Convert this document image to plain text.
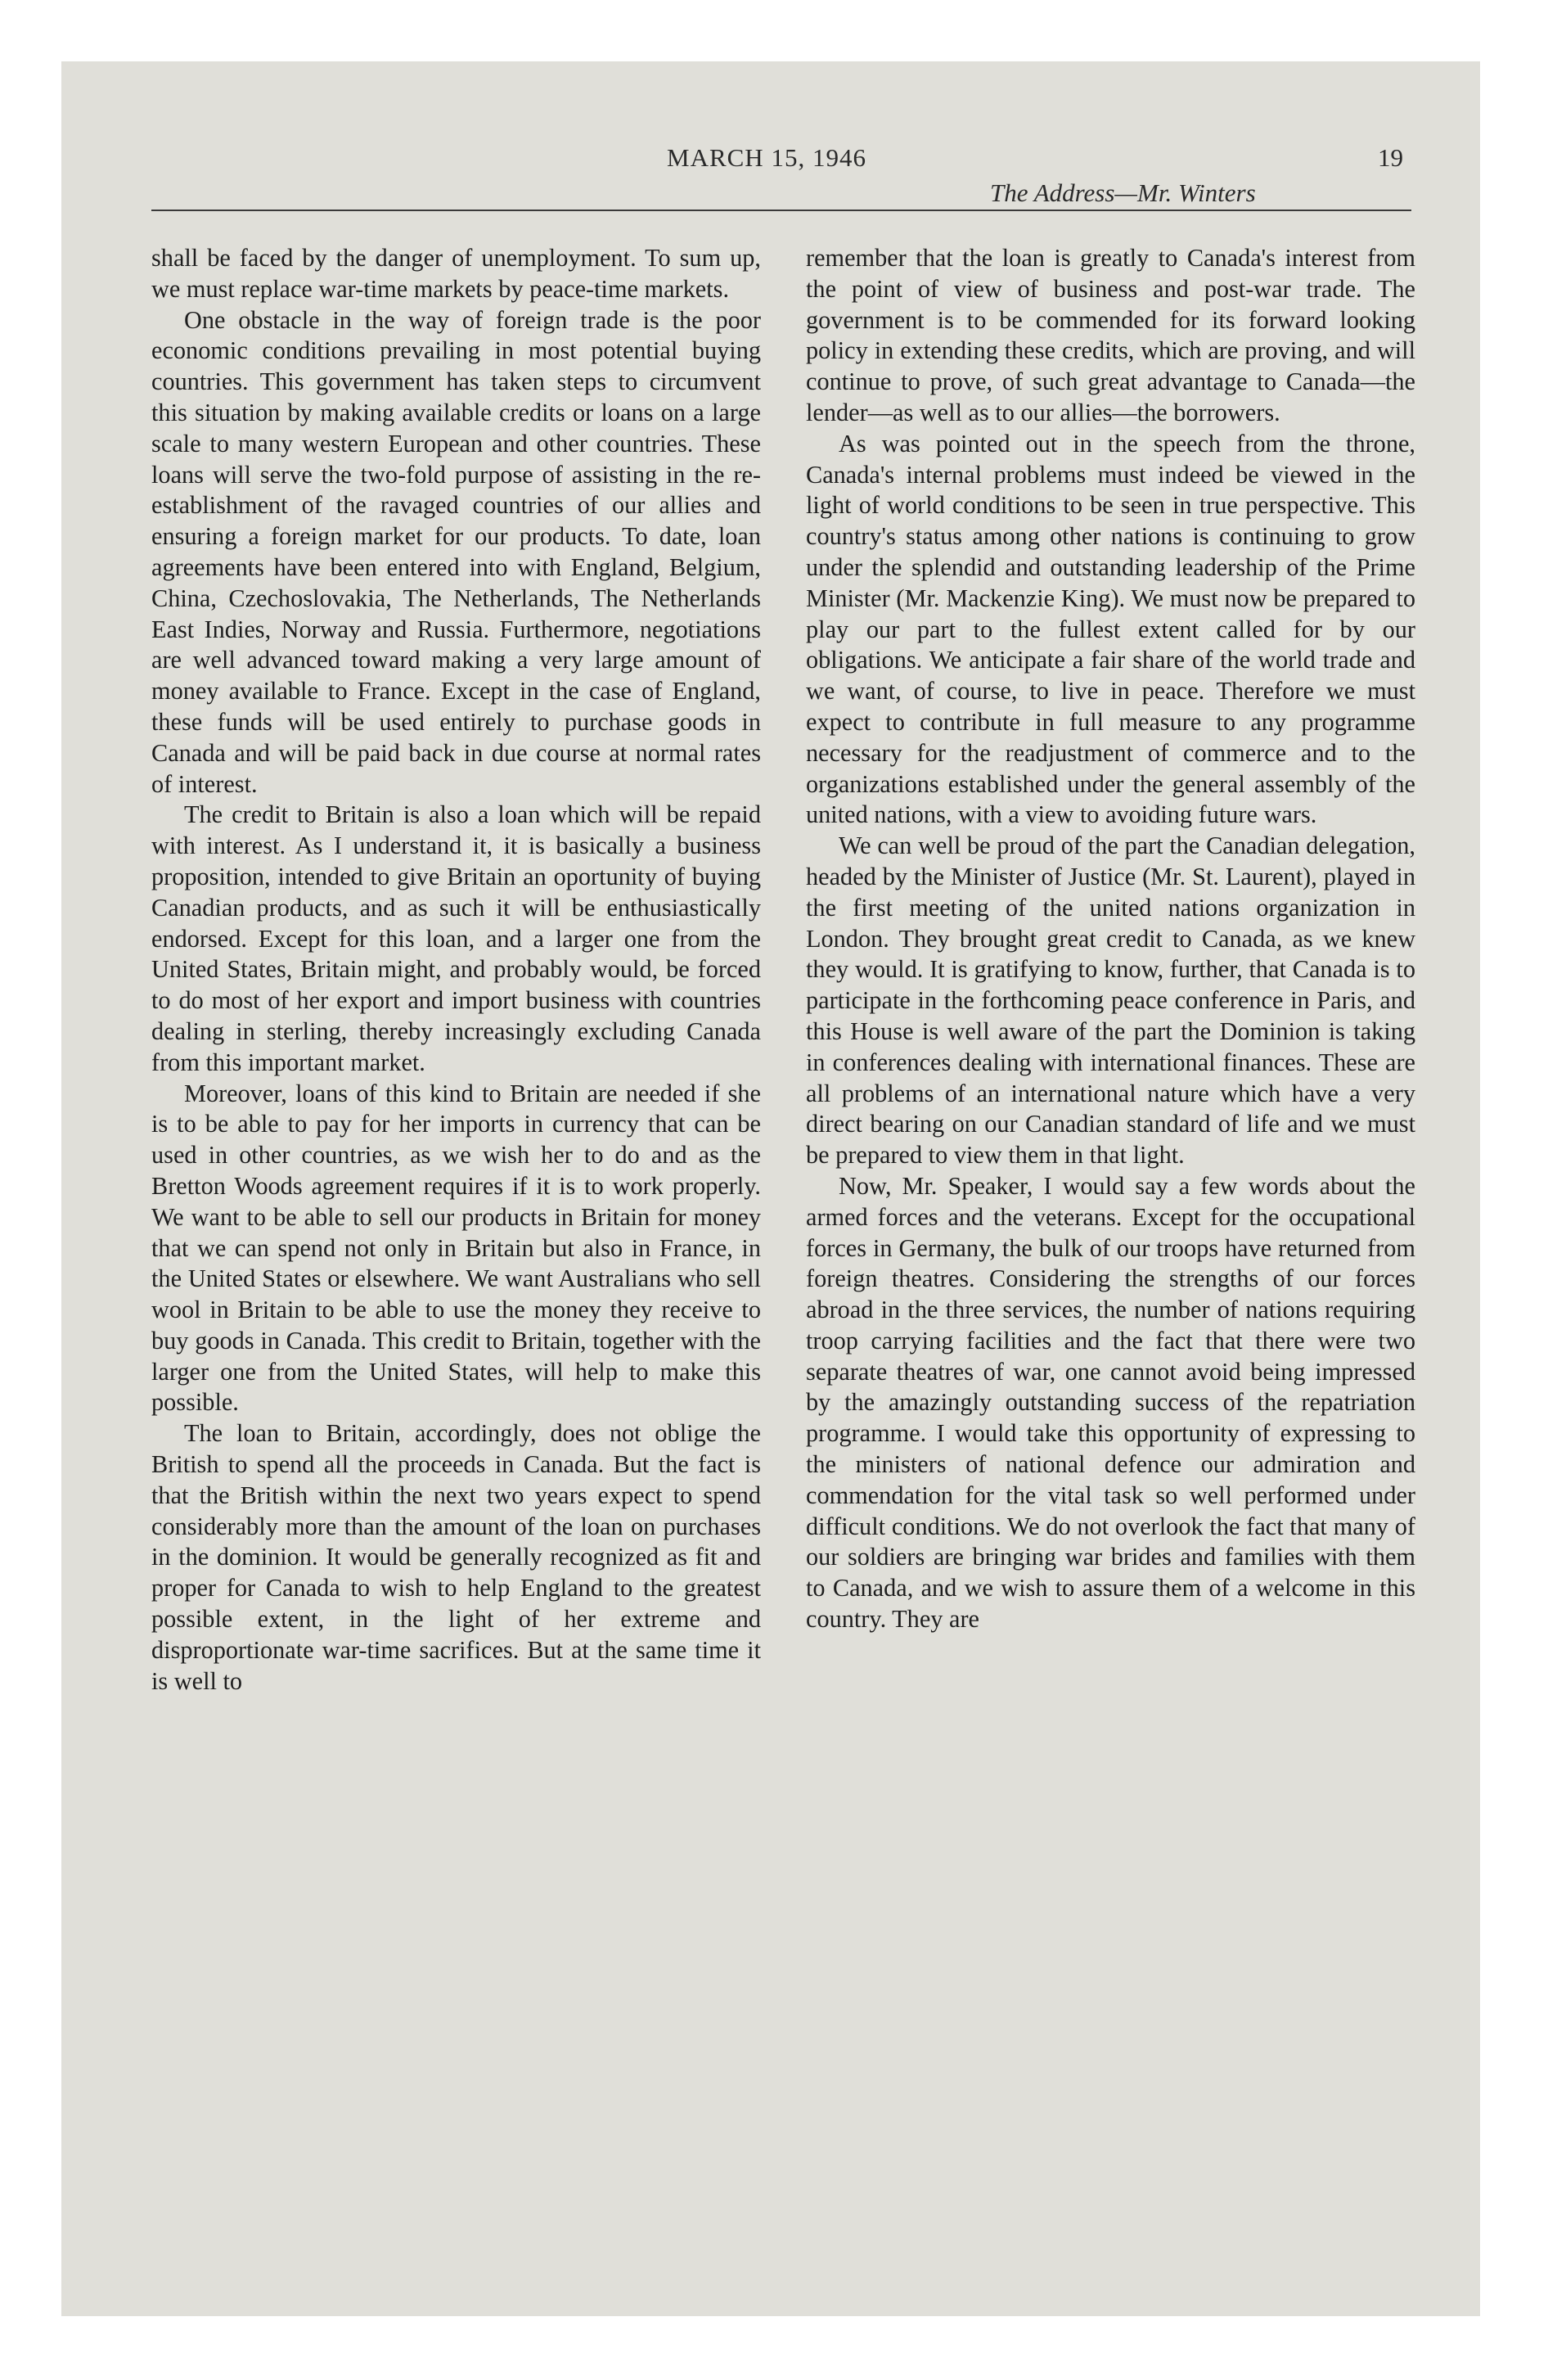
MARCH 15, 1946	19
The Address—Mr. Winters

shall be faced by the danger of unemployment. To sum up, we must replace war-time markets by peace-time markets.

One obstacle in the way of foreign trade is the poor economic conditions prevailing in most potential buying countries. This government has taken steps to circumvent this situation by making available credits or loans on a large scale to many western European and other countries. These loans will serve the two-fold purpose of assisting in the reestablishment of the ravaged countries of our allies and ensuring a foreign market for our products. To date, loan agreements have been entered into with England, Belgium, China, Czechoslovakia, The Netherlands, The Netherlands East Indies, Norway and Russia. Furthermore, negotiations are well advanced toward making a very large amount of money available to France. Except in the case of England, these funds will be used entirely to purchase goods in Canada and will be paid back in due course at normal rates of interest.

The credit to Britain is also a loan which will be repaid with interest. As I understand it, it is basically a business proposition, intended to give Britain an oportunity of buying Canadian products, and as such it will be enthusiastically endorsed. Except for this loan, and a larger one from the United States, Britain might, and probably would, be forced to do most of her export and import business with countries dealing in sterling, thereby increasingly excluding Canada from this important market.

Moreover, loans of this kind to Britain are needed if she is to be able to pay for her imports in currency that can be used in other countries, as we wish her to do and as the Bretton Woods agreement requires if it is to work properly. We want to be able to sell our products in Britain for money that we can spend not only in Britain but also in France, in the United States or elsewhere. We want Australians who sell wool in Britain to be able to use the money they receive to buy goods in Canada. This credit to Britain, together with the larger one from the United States, will help to make this possible.

The loan to Britain, accordingly, does not oblige the British to spend all the proceeds in Canada. But the fact is that the British within the next two years expect to spend considerably more than the amount of the loan on purchases in the dominion. It would be generally recognized as fit and proper for Canada to wish to help England to the greatest possible extent, in the light of her extreme and disproportionate war-time sacrifices. But at the same time it is well to

remember that the loan is greatly to Canada's interest from the point of view of business and post-war trade. The government is to be commended for its forward looking policy in extending these credits, which are proving, and will continue to prove, of such great advantage to Canada—the lender—as well as to our allies—the borrowers.

As was pointed out in the speech from the throne, Canada's internal problems must indeed be viewed in the light of world conditions to be seen in true perspective. This country's status among other nations is continuing to grow under the splendid and outstanding leadership of the Prime Minister (Mr. Mackenzie King). We must now be prepared to play our part to the fullest extent called for by our obligations. We anticipate a fair share of the world trade and we want, of course, to live in peace. Therefore we must expect to contribute in full measure to any programme necessary for the readjustment of commerce and to the organizations established under the general assembly of the united nations, with a view to avoiding future wars.

We can well be proud of the part the Canadian delegation, headed by the Minister of Justice (Mr. St. Laurent), played in the first meeting of the united nations organization in London. They brought great credit to Canada, as we knew they would. It is gratifying to know, further, that Canada is to participate in the forthcoming peace conference in Paris, and this House is well aware of the part the Dominion is taking in conferences dealing with international finances. These are all problems of an international nature which have a very direct bearing on our Canadian standard of life and we must be prepared to view them in that light.

Now, Mr. Speaker, I would say a few words about the armed forces and the veterans. Except for the occupational forces in Germany, the bulk of our troops have returned from foreign theatres. Considering the strengths of our forces abroad in the three services, the number of nations requiring troop carrying facilities and the fact that there were two separate theatres of war, one cannot avoid being impressed by the amazingly outstanding success of the repatriation programme. I would take this opportunity of expressing to the ministers of national defence our admiration and commendation for the vital task so well performed under difficult conditions. We do not overlook the fact that many of our soldiers are bringing war brides and families with them to Canada, and we wish to assure them of a welcome in this country. They are
